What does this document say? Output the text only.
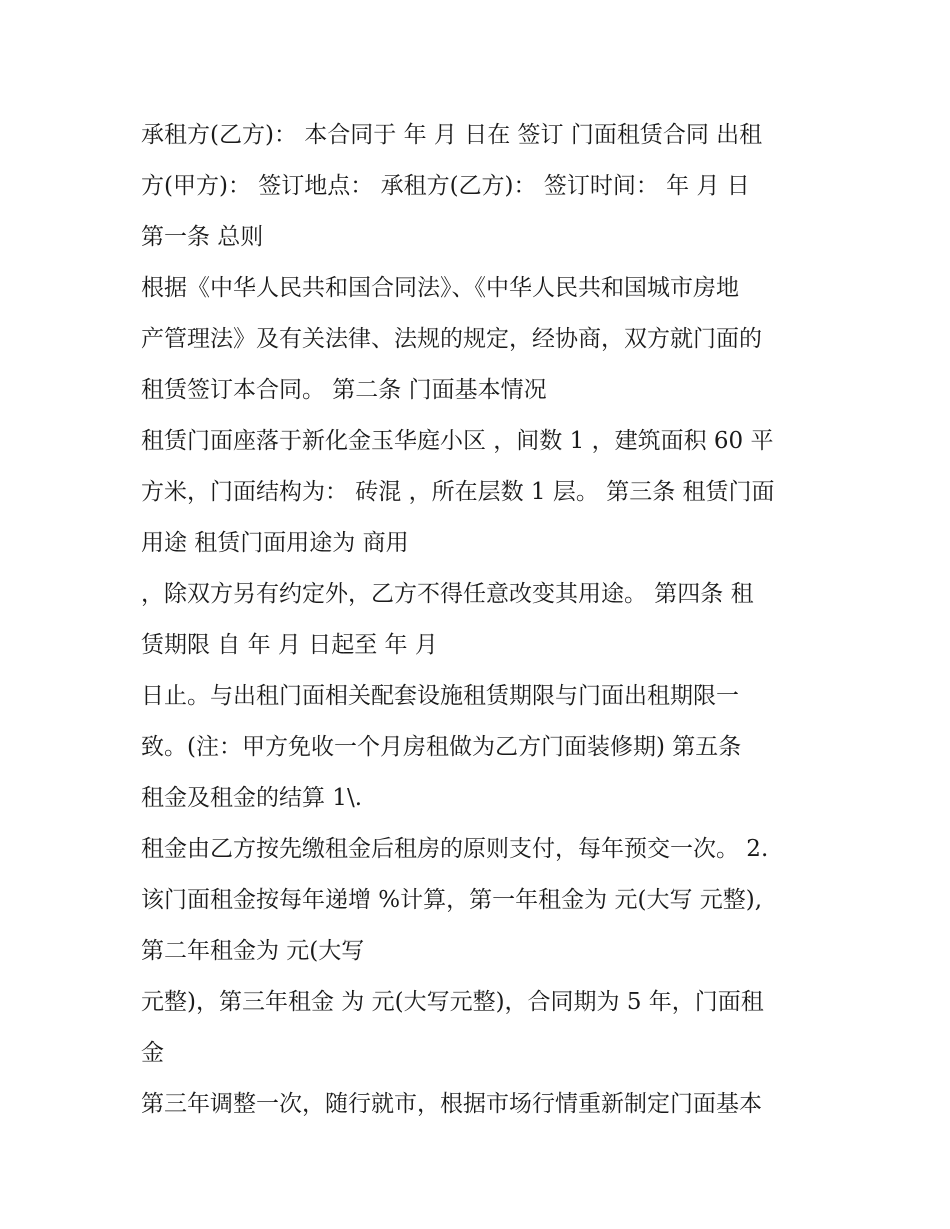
承租方(乙方)： 本合同于 年 月 日在 签订 门面租赁合同 出租
方(甲方)： 签订地点： 承租方(乙方)： 签订时间： 年 月 日
第一条 总则
根据《中华人民共和国合同法》、《中华人民共和国城市房地
产管理法》及有关法律、法规的规定，经协商，双方就门面的
租赁签订本合同。 第二条 门面基本情况
租赁门面座落于新化金玉华庭小区 ，间数 1 ，建筑面积 60 平
方米，门面结构为： 砖混 ，所在层数 1 层。 第三条 租赁门面
用途 租赁门面用途为 商用
，除双方另有约定外，乙方不得任意改变其用途。 第四条 租
赁期限 自 年 月 日起至 年 月
日止。与出租门面相关配套设施租赁期限与门面出租期限一
致。(注：甲方免收一个月房租做为乙方门面装修期) 第五条
租金及租金的结算 1\.
租金由乙方按先缴租金后租房的原则支付，每年预交一次。 2.
该门面租金按每年递增 %计算，第一年租金为 元(大写 元整),
第二年租金为 元(大写
元整)，第三年租金 为 元(大写元整)，合同期为 5 年，门面租
金
第三年调整一次，随行就市，根据市场行情重新制定门面基本
